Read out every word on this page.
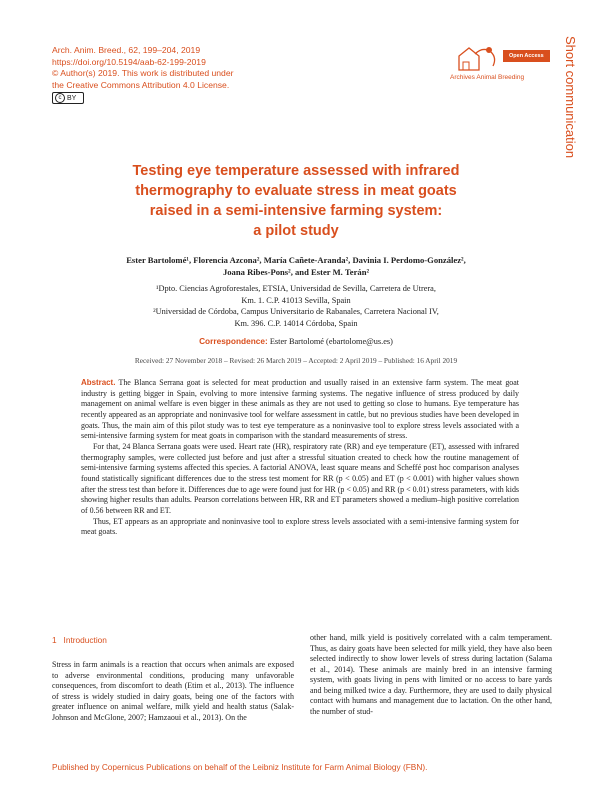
Arch. Anim. Breed., 62, 199–204, 2019
https://doi.org/10.5194/aab-62-199-2019
© Author(s) 2019. This work is distributed under
the Creative Commons Attribution 4.0 License.
c BY
Open Access
Archives Animal Breeding	Short communication
Testing eye temperature assessed with infrared
thermography to evaluate stress in meat goats
raised in a semi-intensive farming system:
a pilot study
Ester Bartolomé¹, Florencia Azcona², María Cañete-Aranda², Davinia I. Perdomo-González²,
Joana Ribes-Pons², and Ester M. Terán²
¹Dpto. Ciencias Agroforestales, ETSIA, Universidad de Sevilla, Carretera de Utrera,
Km. 1. C.P. 41013 Sevilla, Spain
²Universidad de Córdoba, Campus Universitario de Rabanales, Carretera Nacional IV,
Km. 396. C.P. 14014 Córdoba, Spain
Correspondence: Ester Bartolomé (ebartolome@us.es)
Received: 27 November 2018 – Revised: 26 March 2019 – Accepted: 2 April 2019 – Published: 16 April 2019

Abstract. The Blanca Serrana goat is selected for meat production and usually raised in an extensive farm system. The meat goat industry is getting bigger in Spain, evolving to more intensive farming systems. The negative influence of stress produced by daily management on animal welfare is even bigger in these animals as they are not used to getting so close to humans. Eye temperature has recently appeared as an appropriate and noninvasive tool for welfare assessment in cattle, but no previous studies have been developed in goats. Thus, the main aim of this pilot study was to test eye temperature as a noninvasive tool to explore stress levels associated with a semi-intensive farming system for meat goats in comparison with the standard measurements of stress.

For that, 24 Blanca Serrana goats were used. Heart rate (HR), respiratory rate (RR) and eye temperature (ET), assessed with infrared thermography samples, were collected just before and just after a stressful situation created to check how the routine management of semi-intensive farming systems affected this species. A factorial ANOVA, least square means and Scheffé post hoc comparison analyses found statistically significant differences due to the stress test moment for RR (p < 0.05) and ET (p < 0.001) with higher values shown after the stress test than before it. Differences due to age were found just for HR (p < 0.05) and RR (p < 0.01) stress parameters, with kids showing higher results than adults. Pearson correlations between HR, RR and ET parameters showed a medium–high positive correlation of 0.56 between RR and ET.

Thus, ET appears as an appropriate and noninvasive tool to explore stress levels associated with a semi-intensive farming system for meat goats.

1 Introduction

Stress in farm animals is a reaction that occurs when animals are exposed to adverse environmental conditions, producing many unfavorable consequences, from discomfort to death (Etim et al., 2013). The influence of stress is widely studied in dairy goats, being one of the factors with greater influence on animal welfare, milk yield and health status (Salak-Johnson and McGlone, 2007; Hamzaoui et al., 2013). On the

other hand, milk yield is positively correlated with a calm temperament. Thus, as dairy goats have been selected for milk yield, they have also been selected indirectly to show lower levels of stress during lactation (Salama et al., 2014). These animals are mainly bred in an intensive farming system, with goats living in pens with limited or no access to bare yards and being milked twice a day. Furthermore, they are used to daily physical contact with humans and management due to lactation. On the other hand, the number of stud-

Published by Copernicus Publications on behalf of the Leibniz Institute for Farm Animal Biology (FBN).
